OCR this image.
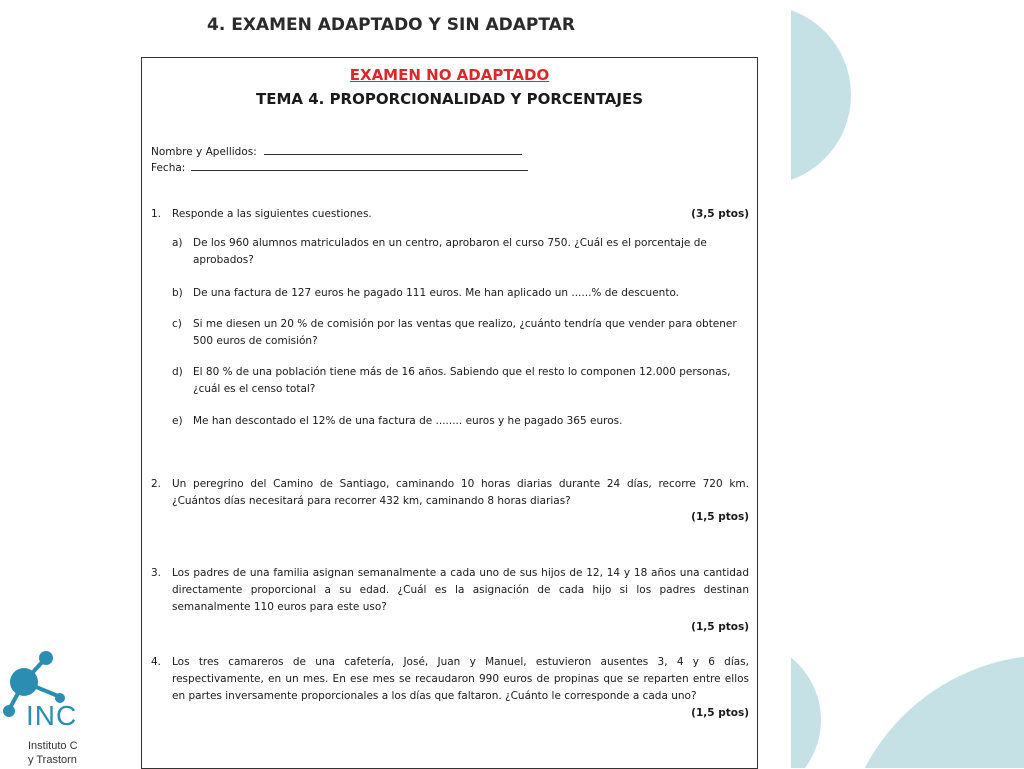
4. EXAMEN ADAPTADO Y SIN ADAPTAR
EXAMEN NO ADAPTADO
TEMA 4. PROPORCIONALIDAD Y PORCENTAJES
Nombre y Apellidos:
Fecha:
1. Responde a las siguientes cuestiones.	(3,5 ptos)
a) De los 960 alumnos matriculados en un centro, aprobaron el curso 750. ¿Cuál es el porcentaje de aprobados?
b) De una factura de 127 euros he pagado 111 euros. Me han aplicado un ......% de descuento.
c) Si me diesen un 20 % de comisión por las ventas que realizo, ¿cuánto tendría que vender para obtener 500 euros de comisión?
d) El 80 % de una población tiene más de 16 años. Sabiendo que el resto lo componen 12.000 personas, ¿cuál es el censo total?
e) Me han descontado el 12% de una factura de ........ euros y he pagado 365 euros.
2. Un peregrino del Camino de Santiago, caminando 10 horas diarias durante 24 días, recorre 720 km. ¿Cuántos días necesitará para recorrer 432 km, caminando 8 horas diarias?
(1,5 ptos)
3. Los padres de una familia asignan semanalmente a cada uno de sus hijos de 12, 14 y 18 años una cantidad directamente proporcional a su edad. ¿Cuál es la asignación de cada hijo si los padres destinan semanalmente 110 euros para este uso?
(1,5 ptos)
4. Los tres camareros de una cafetería, José, Juan y Manuel, estuvieron ausentes 3, 4 y 6 días, respectivamente, en un mes. En ese mes se recaudaron 990 euros de propinas que se reparten entre ellos en partes inversamente proporcionales a los días que faltaron. ¿Cuánto le corresponde a cada uno?
(1,5 ptos)
INC
Instituto C
y Trastorn
